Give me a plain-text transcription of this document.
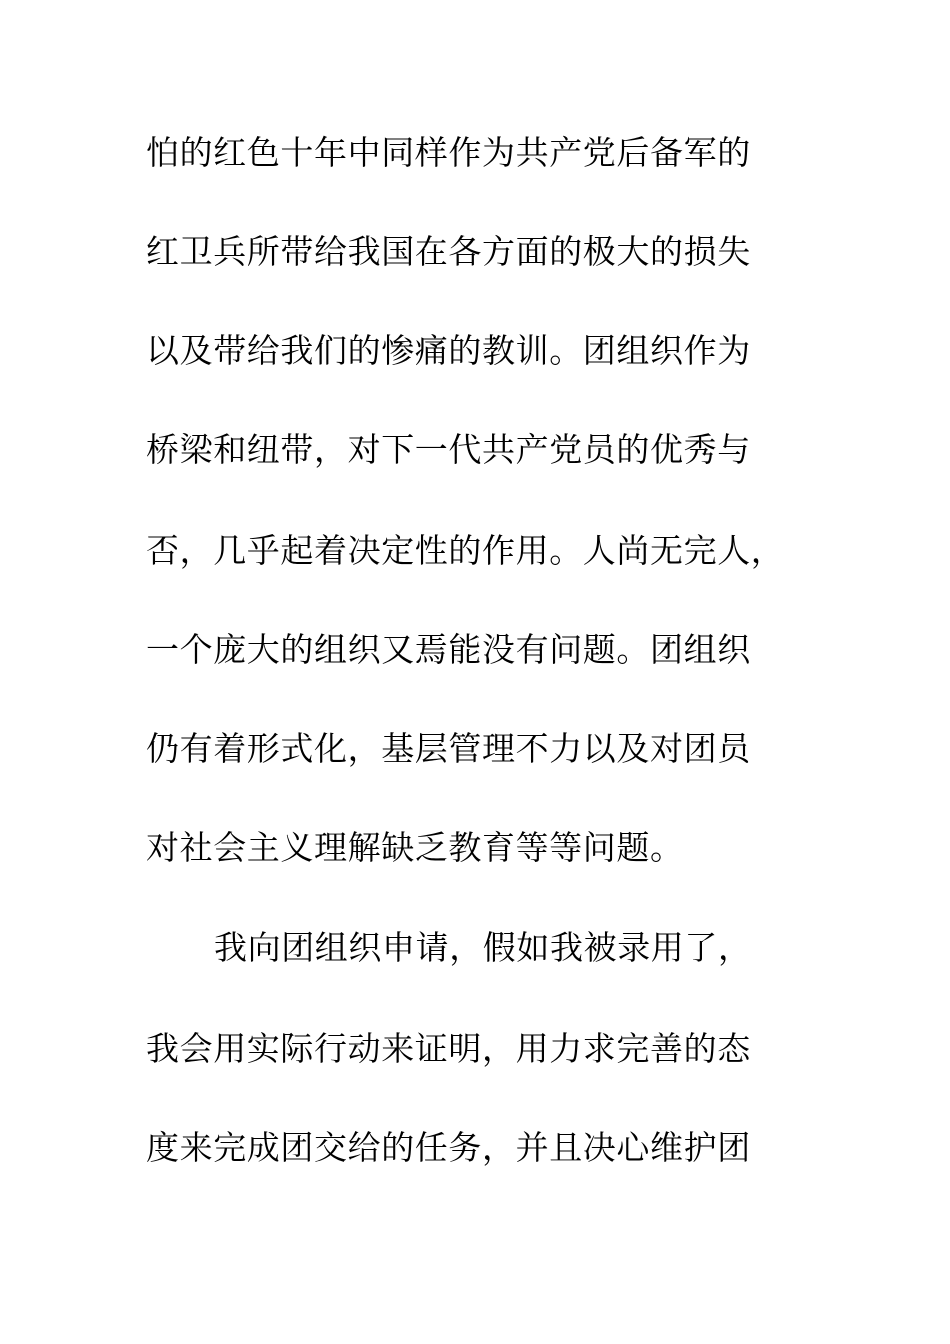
怕的红色十年中同样作为共产党后备军的
红卫兵所带给我国在各方面的极大的损失
以及带给我们的惨痛的教训。团组织作为
桥梁和纽带，对下一代共产党员的优秀与
否，几乎起着决定性的作用。人尚无完人，
一个庞大的组织又焉能没有问题。团组织
仍有着形式化，基层管理不力以及对团员
对社会主义理解缺乏教育等等问题。
我向团组织申请，假如我被录用了，
我会用实际行动来证明，用力求完善的态
度来完成团交给的任务，并且决心维护团
